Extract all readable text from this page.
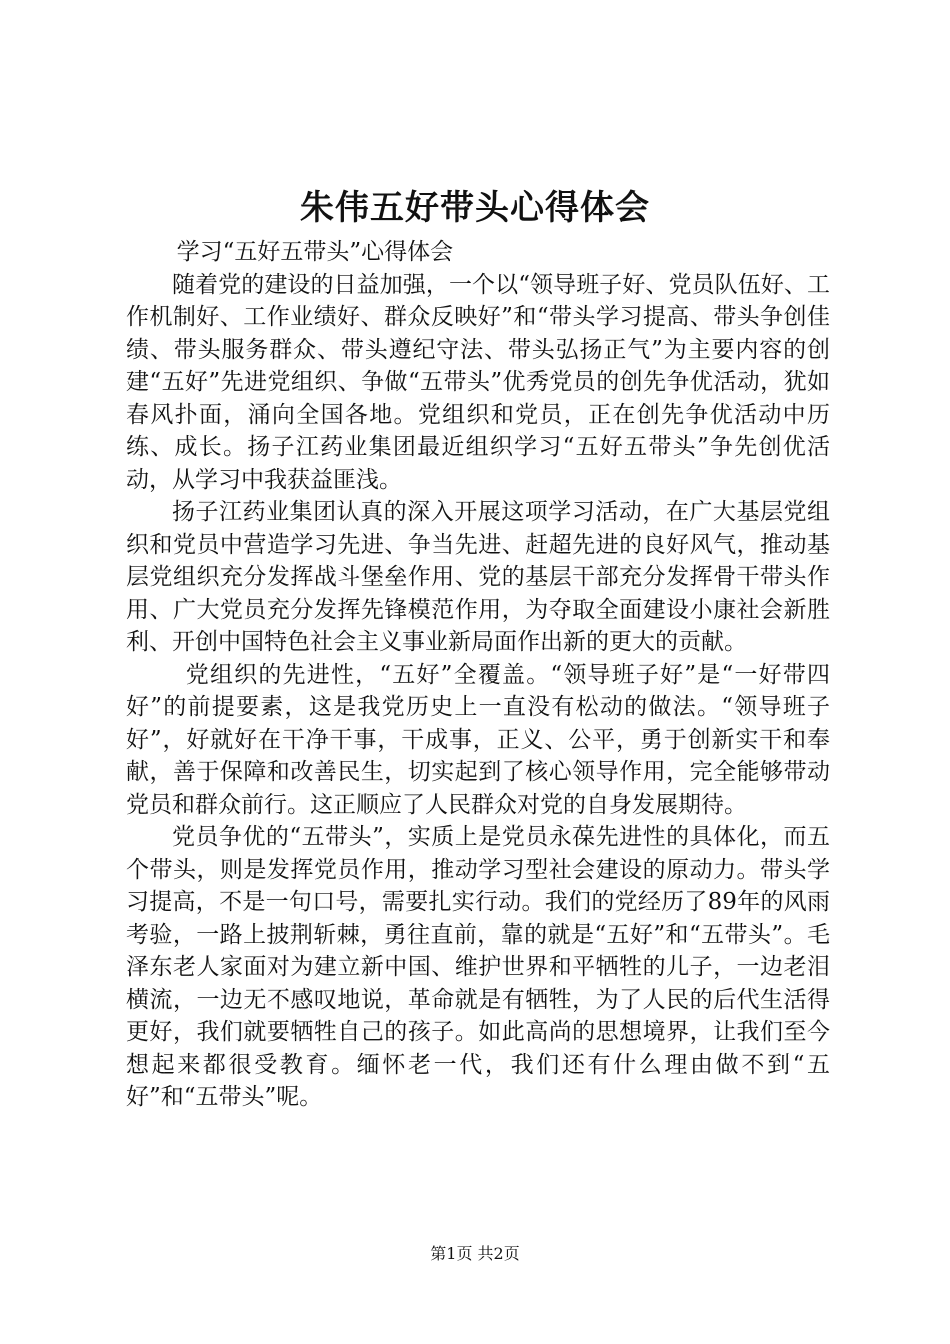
朱伟五好带头心得体会

学习“五好五带头”心得体会

随着党的建设的日益加强，一个以“领导班子好、党员队伍好、工作机制好、工作业绩好、群众反映好”和“带头学习提高、带头争创佳绩、带头服务群众、带头遵纪守法、带头弘扬正气”为主要内容的创建“五好”先进党组织、争做“五带头”优秀党员的创先争优活动，犹如春风扑面，涌向全国各地。党组织和党员，正在创先争优活动中历练、成长。扬子江药业集团最近组织学习“五好五带头”争先创优活动，从学习中我获益匪浅。

扬子江药业集团认真的深入开展这项学习活动，在广大基层党组织和党员中营造学习先进、争当先进、赶超先进的良好风气，推动基层党组织充分发挥战斗堡垒作用、党的基层干部充分发挥骨干带头作用、广大党员充分发挥先锋模范作用，为夺取全面建设小康社会新胜利、开创中国特色社会主义事业新局面作出新的更大的贡献。

党组织的先进性，“五好”全覆盖。“领导班子好”是“一好带四好”的前提要素，这是我党历史上一直没有松动的做法。“领导班子好”，好就好在干净干事，干成事，正义、公平，勇于创新实干和奉献，善于保障和改善民生，切实起到了核心领导作用，完全能够带动党员和群众前行。这正顺应了人民群众对党的自身发展期待。

党员争优的“五带头”，实质上是党员永葆先进性的具体化，而五个带头，则是发挥党员作用，推动学习型社会建设的原动力。带头学习提高，不是一句口号，需要扎实行动。我们的党经历了89年的风雨考验，一路上披荆斩棘，勇往直前，靠的就是“五好”和“五带头”。毛泽东老人家面对为建立新中国、维护世界和平牺牲的儿子，一边老泪横流，一边无不感叹地说，革命就是有牺牲，为了人民的后代生活得更好，我们就要牺牲自己的孩子。如此高尚的思想境界，让我们至今想起来都很受教育。缅怀老一代，我们还有什么理由做不到“五好”和“五带头”呢。

第1页 共2页
